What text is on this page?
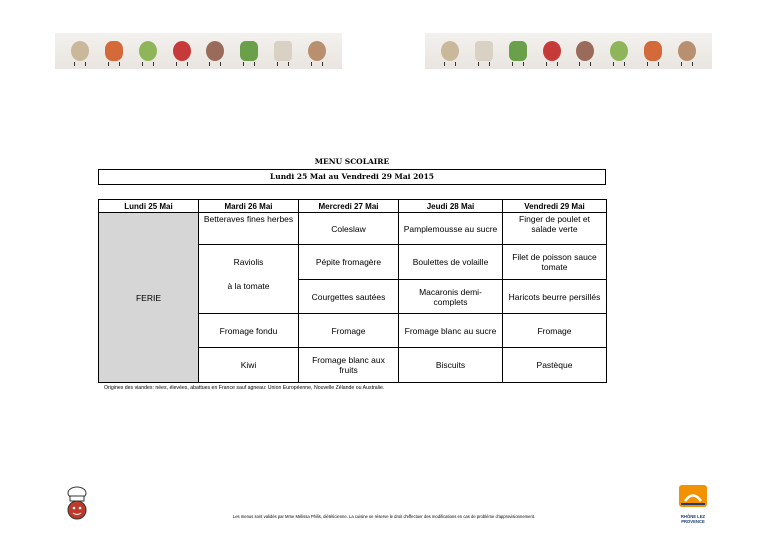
MENU SCOLAIRE
Lundi 25 Mai au Vendredi 29 Mai 2015
Lundi 25 Mai	Mardi 26 Mai	Mercredi 27 Mai	Jeudi 28 Mai	Vendredi 29 Mai
FERIE	Betteraves fines herbes	Coleslaw	Pamplemousse au sucre	Finger de poulet et salade verte
	Raviolis	Pépite fromagère	Boulettes de volaille	Filet de poisson sauce tomate
	à la tomate	Courgettes sautées	Macaronis demi- complets	Haricots beurre persillés
	Fromage fondu	Fromage	Fromage blanc au sucre	Fromage
	Kiwi	Fromage blanc aux fruits	Biscuits	Pastèque
Origines des viandes: nées, élevées, abattues en France sauf agneau: Union Européenne, Nouvelle Zélande ou Australie.
Les menus sont validés par Mme Mélissa Philis, diététicienne. La cuisine se réserve le droit d'effectuer des modifications en cas de problème d'approvisionnement.	RHÔNE LEZ
PROVENCE
